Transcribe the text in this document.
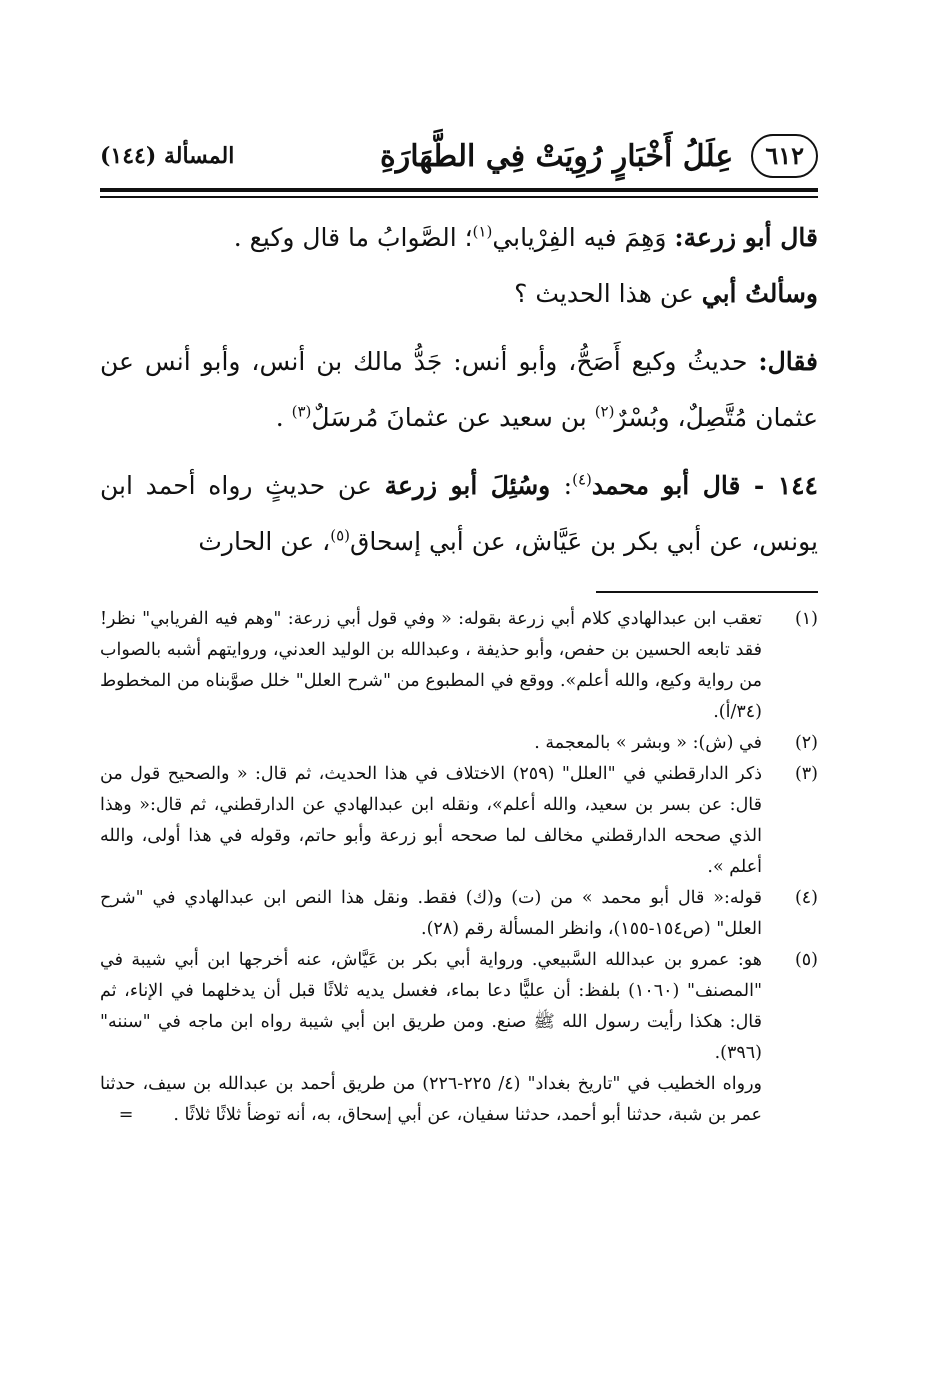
٦١٢
عِلَلُ أَخْبَارٍ رُوِيَتْ فِي الطَّهَارَةِ
المسألة (١٤٤)

قال أبو زرعة: وَهِمَ فيه الفِرْيابي$^{(١)}$؛ الصَّوابُ ما قال وكيع .

وسألتُ أبي عن هذا الحديث ؟

فقال: حديثُ وكيع أَصَحُّ، وأبو أنس: جَدُّ مالك بن أنس، وأبو أنس عن عثمان مُتَّصِلٌ، وبُسْرٌ$^{(٢)}$ بن سعيد عن عثمانَ مُرسَلٌ$^{(٣)}$ .

١٤٤ - قال أبو محمد$^{(٤)}$: وسُئِلَ أبو زرعة عن حديثٍ رواه أحمد ابن يونس، عن أبي بكر بن عَيَّاش، عن أبي إسحاق$^{(٥)}$، عن الحارث

(١)
تعقب ابن عبدالهادي كلام أبي زرعة بقوله: « وفي قول أبي زرعة: "وهم فيه الفريابي" نظر! فقد تابعه الحسين بن حفص، وأبو حذيفة ، وعبدالله بن الوليد العدني، وروايتهم أشبه بالصواب من رواية وكيع، والله أعلم». ووقع في المطبوع من "شرح العلل" خلل صوَّبناه من المخطوط (٣٤/أ).
(٢)
في (ش): « وبشر » بالمعجمة .
(٣)
ذكر الدارقطني في "العلل" (٢٥٩) الاختلاف في هذا الحديث، ثم قال: « والصحيح قول من قال: عن بسر بن سعيد، والله أعلم»، ونقله ابن عبدالهادي عن الدارقطني، ثم قال:« وهذا الذي صححه الدارقطني مخالف لما صححه أبو زرعة وأبو حاتم، وقوله في هذا أولى، والله أعلم ».
(٤)
قوله:« قال أبو محمد » من (ت) و(ك) فقط. ونقل هذا النص ابن عبدالهادي في "شرح العلل" (ص١٥٤-١٥٥)، وانظر المسألة رقم (٢٨).
(٥)
هو: عمرو بن عبدالله السَّبيعي. ورواية أبي بكر بن عَيَّاش، عنه أخرجها ابن أبي شيبة في "المصنف" (١٠٦٠) بلفظ: أن عليًّا دعا بماء، فغسل يديه ثلاثًا قبل أن يدخلهما في الإناء، ثم قال: هكذا رأيت رسول الله ﷺ صنع. ومن طريق ابن أبي شيبة رواه ابن ماجه في "سننه" (٣٩٦).
ورواه الخطيب في "تاريخ بغداد" (٤/ ٢٢٥-٢٢٦) من طريق أحمد بن عبدالله بن سيف، حدثنا عمر بن شبة، حدثنا أبو أحمد، حدثنا سفيان، عن أبي إسحاق، به، أنه توضأ ثلاثًا ثلاثًا .=
